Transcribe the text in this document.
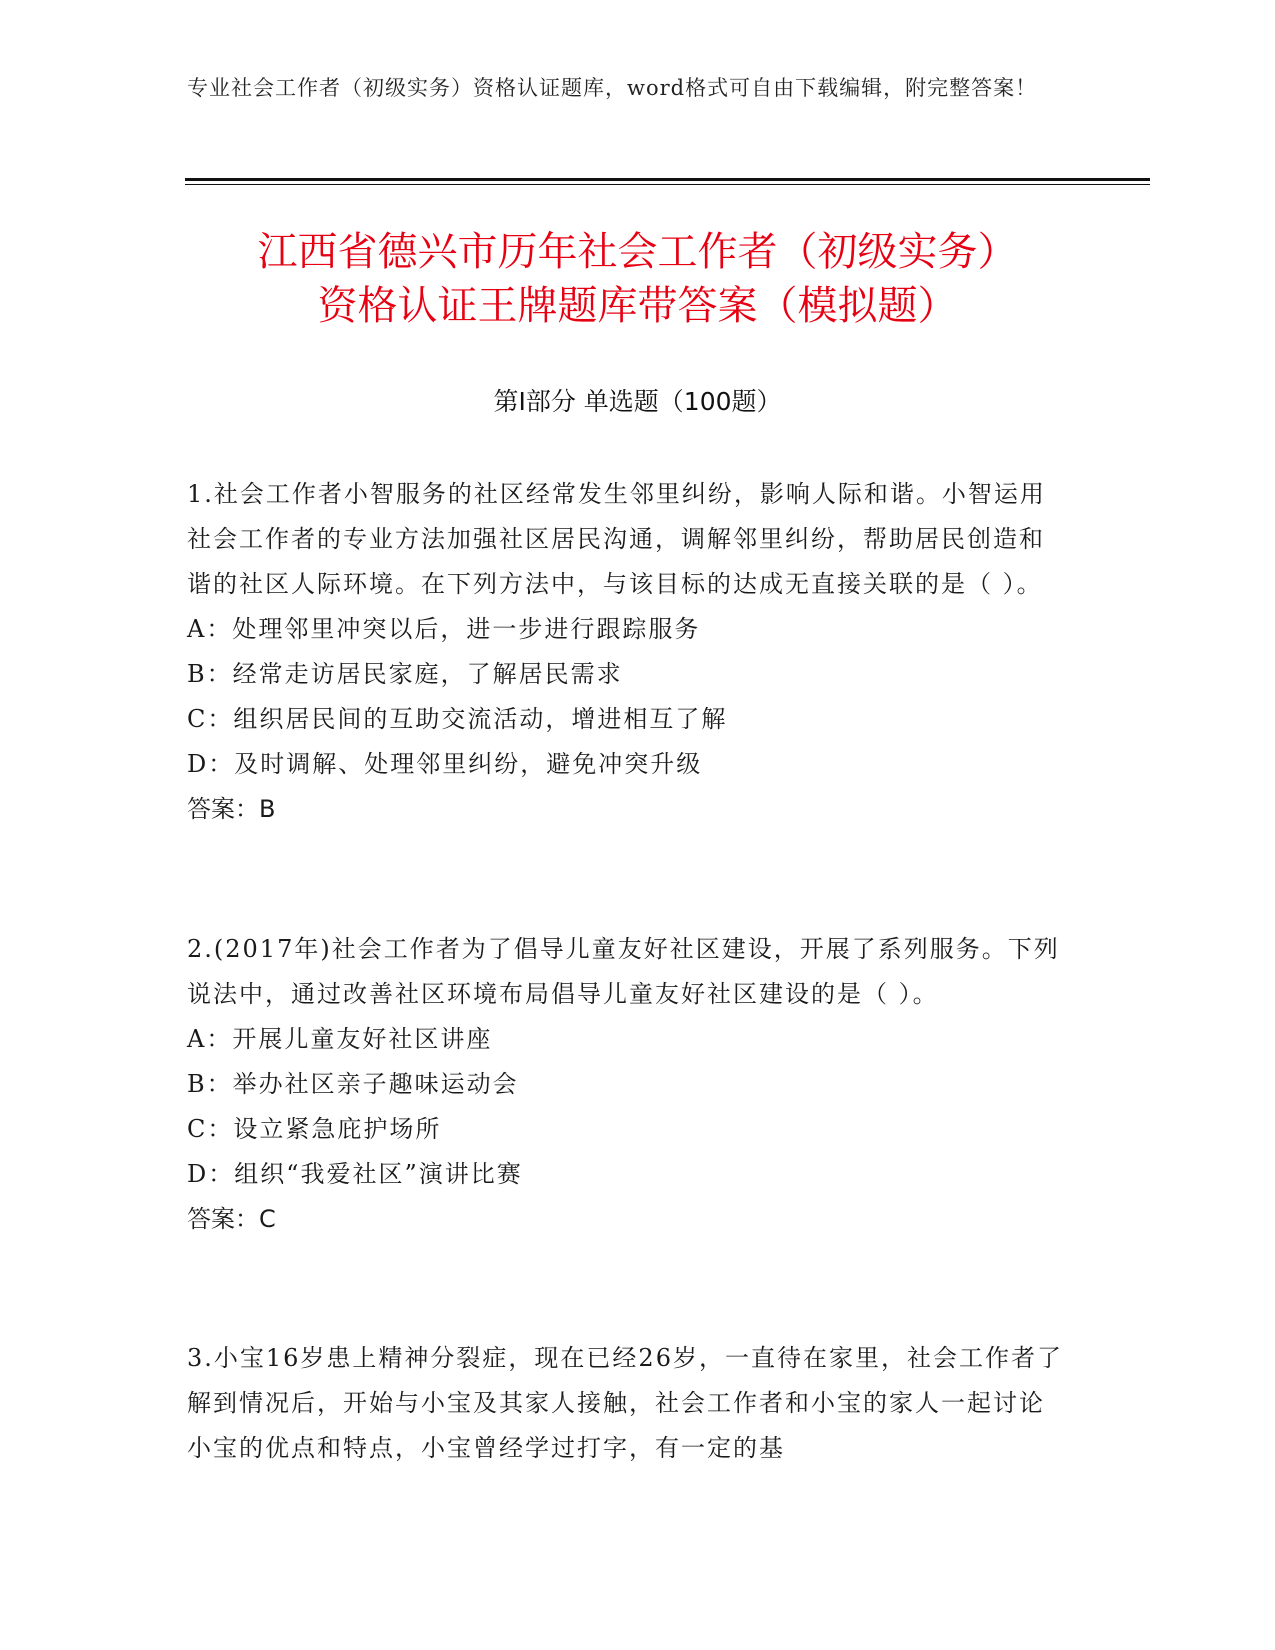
专业社会工作者（初级实务）资格认证题库，word格式可自由下载编辑，附完整答案！
江西省德兴市历年社会工作者（初级实务）
资格认证王牌题库带答案（模拟题）
第Ⅰ部分 单选题（100题）

1.社会工作者小智服务的社区经常发生邻里纠纷，影响人际和谐。小智运用社会工作者的专业方法加强社区居民沟通，调解邻里纠纷，帮助居民创造和谐的社区人际环境。在下列方法中，与该目标的达成无直接关联的是（ ）。

A：处理邻里冲突以后，进一步进行跟踪服务

B：经常走访居民家庭，了解居民需求

C：组织居民间的互助交流活动，增进相互了解

D：及时调解、处理邻里纠纷，避免冲突升级

答案：B

2.(2017年)社会工作者为了倡导儿童友好社区建设，开展了系列服务。下列说法中，通过改善社区环境布局倡导儿童友好社区建设的是（ ）。

A：开展儿童友好社区讲座

B：举办社区亲子趣味运动会

C：设立紧急庇护场所

D：组织“我爱社区”演讲比赛

答案：C

3.小宝16岁患上精神分裂症，现在已经26岁，一直待在家里，社会工作者了解到情况后，开始与小宝及其家人接触，社会工作者和小宝的家人一起讨论小宝的优点和特点，小宝曾经学过打字，有一定的基
